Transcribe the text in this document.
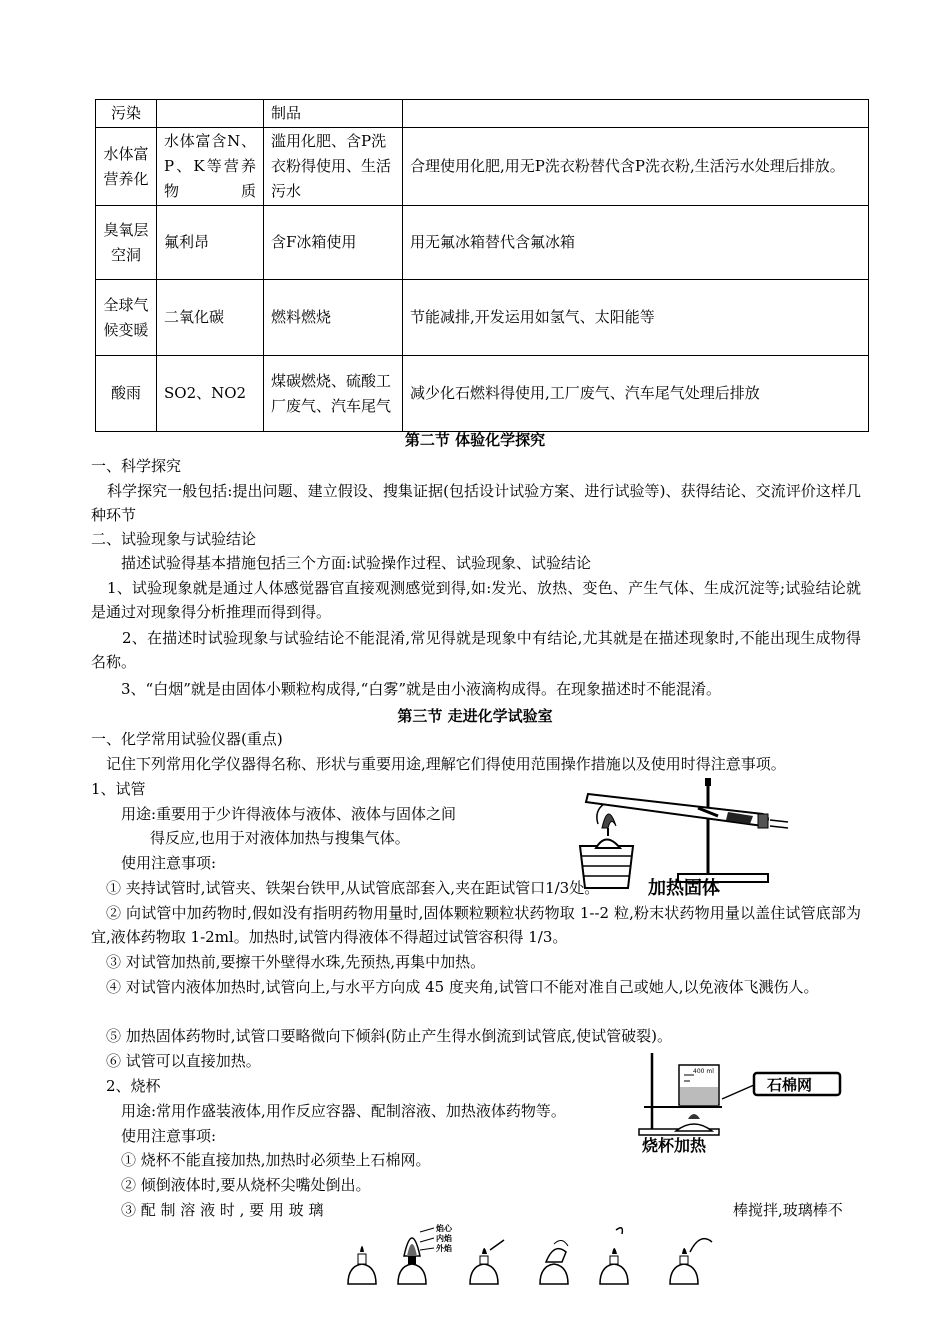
污染		制品	
水体富营养化	水体富含N、P、K等营养物质	滥用化肥、含P洗衣粉得使用、生活污水	合理使用化肥,用无P洗衣粉替代含P洗衣粉,生活污水处理后排放。
臭氧层空洞	氟利昂	含F冰箱使用	用无氟冰箱替代含氟冰箱
全球气候变暖	二氧化碳	燃料燃烧	节能减排,开发运用如氢气、太阳能等
酸雨	SO2、NO2	煤碳燃烧、硫酸工厂废气、汽车尾气	减少化石燃料得使用,工厂废气、汽车尾气处理后排放
第二节 体验化学探究
一、科学探究
科学探究一般包括:提出问题、建立假设、搜集证据(包括设计试验方案、进行试验等)、获得结论、交流评价这样几种环节
二、试验现象与试验结论
描述试验得基本措施包括三个方面:试验操作过程、试验现象、试验结论
1、试验现象就是通过人体感觉器官直接观测感觉到得,如:发光、放热、变色、产生气体、生成沉淀等;试验结论就是通过对现象得分析推理而得到得。
2、在描述时试验现象与试验结论不能混淆,常见得就是现象中有结论,尤其就是在描述现象时,不能出现生成物得名称。
3、“白烟”就是由固体小颗粒构成得,“白雾”就是由小液滴构成得。在现象描述时不能混淆。
第三节 走进化学试验室
一、化学常用试验仪器(重点)
记住下列常用化学仪器得名称、形状与重要用途,理解它们得使用范围操作措施以及使用时得注意事项。
1、试管
用途:重要用于少许得液体与液体、液体与固体之间
得反应,也用于对液体加热与搜集气体。
使用注意事项:
加热固体
① 夹持试管时,试管夹、铁架台铁甲,从试管底部套入,夹在距试管口1/3处。
② 向试管中加药物时,假如没有指明药物用量时,固体颗粒颗粒状药物取 1--2 粒,粉末状药物用量以盖住试管底部为宜,液体药物取 1-2ml。加热时,试管内得液体不得超过试管容积得 1/3。
③ 对试管加热前,要擦干外壁得水珠,先预热,再集中加热。
④ 对试管内液体加热时,试管向上,与水平方向成 45 度夹角,试管口不能对准自己或她人,以免液体飞溅伤人。
⑤ 加热固体药物时,试管口要略微向下倾斜(防止产生得水倒流到试管底,使试管破裂)。
⑥ 试管可以直接加热。
2、烧杯
用途:常用作盛装液体,用作反应容器、配制溶液、加热液体药物等。
使用注意事项:
① 烧杯不能直接加热,加热时必须垫上石棉网。
② 倾倒液体时,要从烧杯尖嘴处倒出。
③ 配 制 溶 液 时 , 要 用 玻 璃	棒搅拌,玻璃棒不
400 ml
石棉网
烧杯加热
焰心
内焰
外焰
